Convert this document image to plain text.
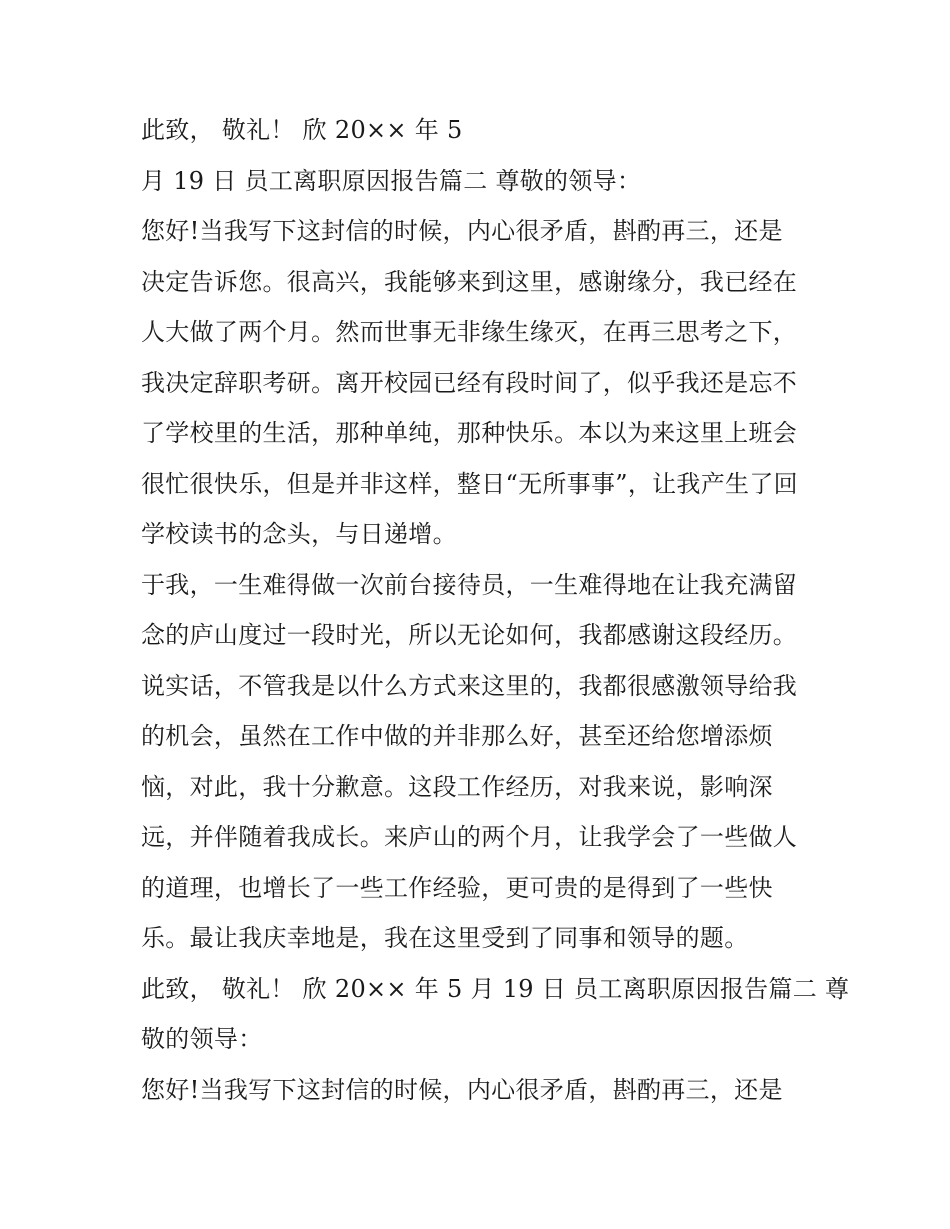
此致， 敬礼！ 欣 20×× 年 5
月 19 日 员工离职原因报告篇二 尊敬的领导：
您好!当我写下这封信的时候，内心很矛盾，斟酌再三，还是
决定告诉您。很高兴，我能够来到这里，感谢缘分，我已经在
人大做了两个月。然而世事无非缘生缘灭，在再三思考之下，
我决定辞职考研。离开校园已经有段时间了，似乎我还是忘不
了学校里的生活，那种单纯，那种快乐。本以为来这里上班会
很忙很快乐，但是并非这样，整日“无所事事”，让我产生了回
学校读书的念头，与日递增。
于我，一生难得做一次前台接待员，一生难得地在让我充满留
念的庐山度过一段时光，所以无论如何，我都感谢这段经历。
说实话，不管我是以什么方式来这里的，我都很感激领导给我
的机会，虽然在工作中做的并非那么好，甚至还给您增添烦
恼，对此，我十分歉意。这段工作经历，对我来说，影响深
远，并伴随着我成长。来庐山的两个月，让我学会了一些做人
的道理，也增长了一些工作经验，更可贵的是得到了一些快
乐。最让我庆幸地是，我在这里受到了同事和领导的题。
此致， 敬礼！ 欣 20×× 年 5 月 19 日 员工离职原因报告篇二 尊
敬的领导：
您好!当我写下这封信的时候，内心很矛盾，斟酌再三，还是
